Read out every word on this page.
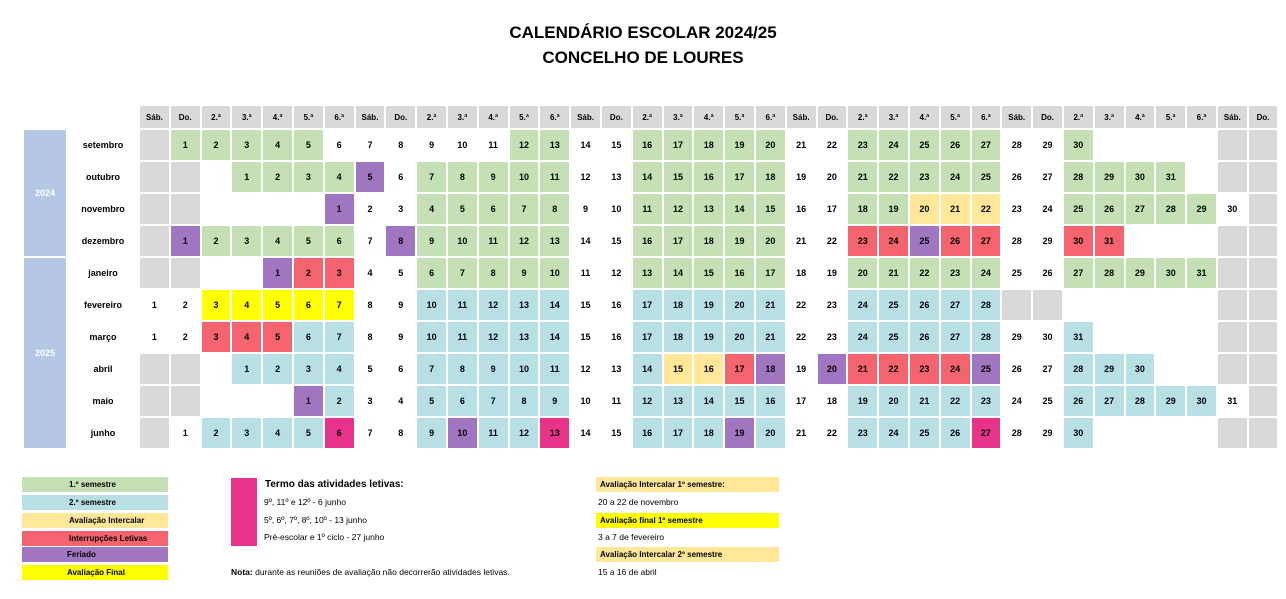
CALENDÁRIO ESCOLAR 2024/25
CONCELHO DE LOURES
		Sáb.	Do.	2.ª	3.ª	4.ª	5.ª	6.ª	Sáb.	Do.	2.ª	3.ª	4.ª	5.ª	6.ª	Sáb.	Do.	2.ª	3.ª	4.ª	5.ª	6.ª	Sáb.	Do.	2.ª	3.ª	4.ª	5.ª	6.ª	Sáb.	Do.	2.ª	3.ª	4.ª	5.ª	6.ª	Sáb.	Do.
2024	setembro		1	2	3	4	5	6	7	8	9	10	11	12	13	14	15	16	17	18	19	20	21	22	23	24	25	26	27	28	29	30						
	outubro				1	2	3	4	5	6	7	8	9	10	11	12	13	14	15	16	17	18	19	20	21	22	23	24	25	26	27	28	29	30	31			
	novembro							1	2	3	4	5	6	7	8	9	10	11	12	13	14	15	16	17	18	19	20	21	22	23	24	25	26	27	28	29	30	
	dezembro		1	2	3	4	5	6	7	8	9	10	11	12	13	14	15	16	17	18	19	20	21	22	23	24	25	26	27	28	29	30	31					
2025	janeiro					1	2	3	4	5	6	7	8	9	10	11	12	13	14	15	16	17	18	19	20	21	22	23	24	25	26	27	28	29	30	31		
	fevereiro	1	2	3	4	5	6	7	8	9	10	11	12	13	14	15	16	17	18	19	20	21	22	23	24	25	26	27	28									
	março	1	2	3	4	5	6	7	8	9	10	11	12	13	14	15	16	17	18	19	20	21	22	23	24	25	26	27	28	29	30	31						
	abril				1	2	3	4	5	6	7	8	9	10	11	12	13	14	15	16	17	18	19	20	21	22	23	24	25	26	27	28	29	30				
	maio						1	2	3	4	5	6	7	8	9	10	11	12	13	14	15	16	17	18	19	20	21	22	23	24	25	26	27	28	29	30	31	
	junho		1	2	3	4	5	6	7	8	9	10	11	12	13	14	15	16	17	18	19	20	21	22	23	24	25	26	27	28	29	30						
1.º semestre
2.º semestre
Avaliação Intercalar
Interrupções Letivas
Feriado
Avaliação Final
Termo das atividades letivas:
9º, 11º e 12º - 6 junho
5º, 6º, 7º, 8º, 10º - 13 junho
Pré-escolar e 1º ciclo - 27 junho
Nota: durante as reuniões de avaliação não decorrerão atividades letivas.
Avaliação Intercalar 1º semestre:
20 a 22 de novembro
Avaliação final 1º semestre
3 a 7 de fevereiro
Avaliação Intercalar 2º semestre
15 a 16 de abril
